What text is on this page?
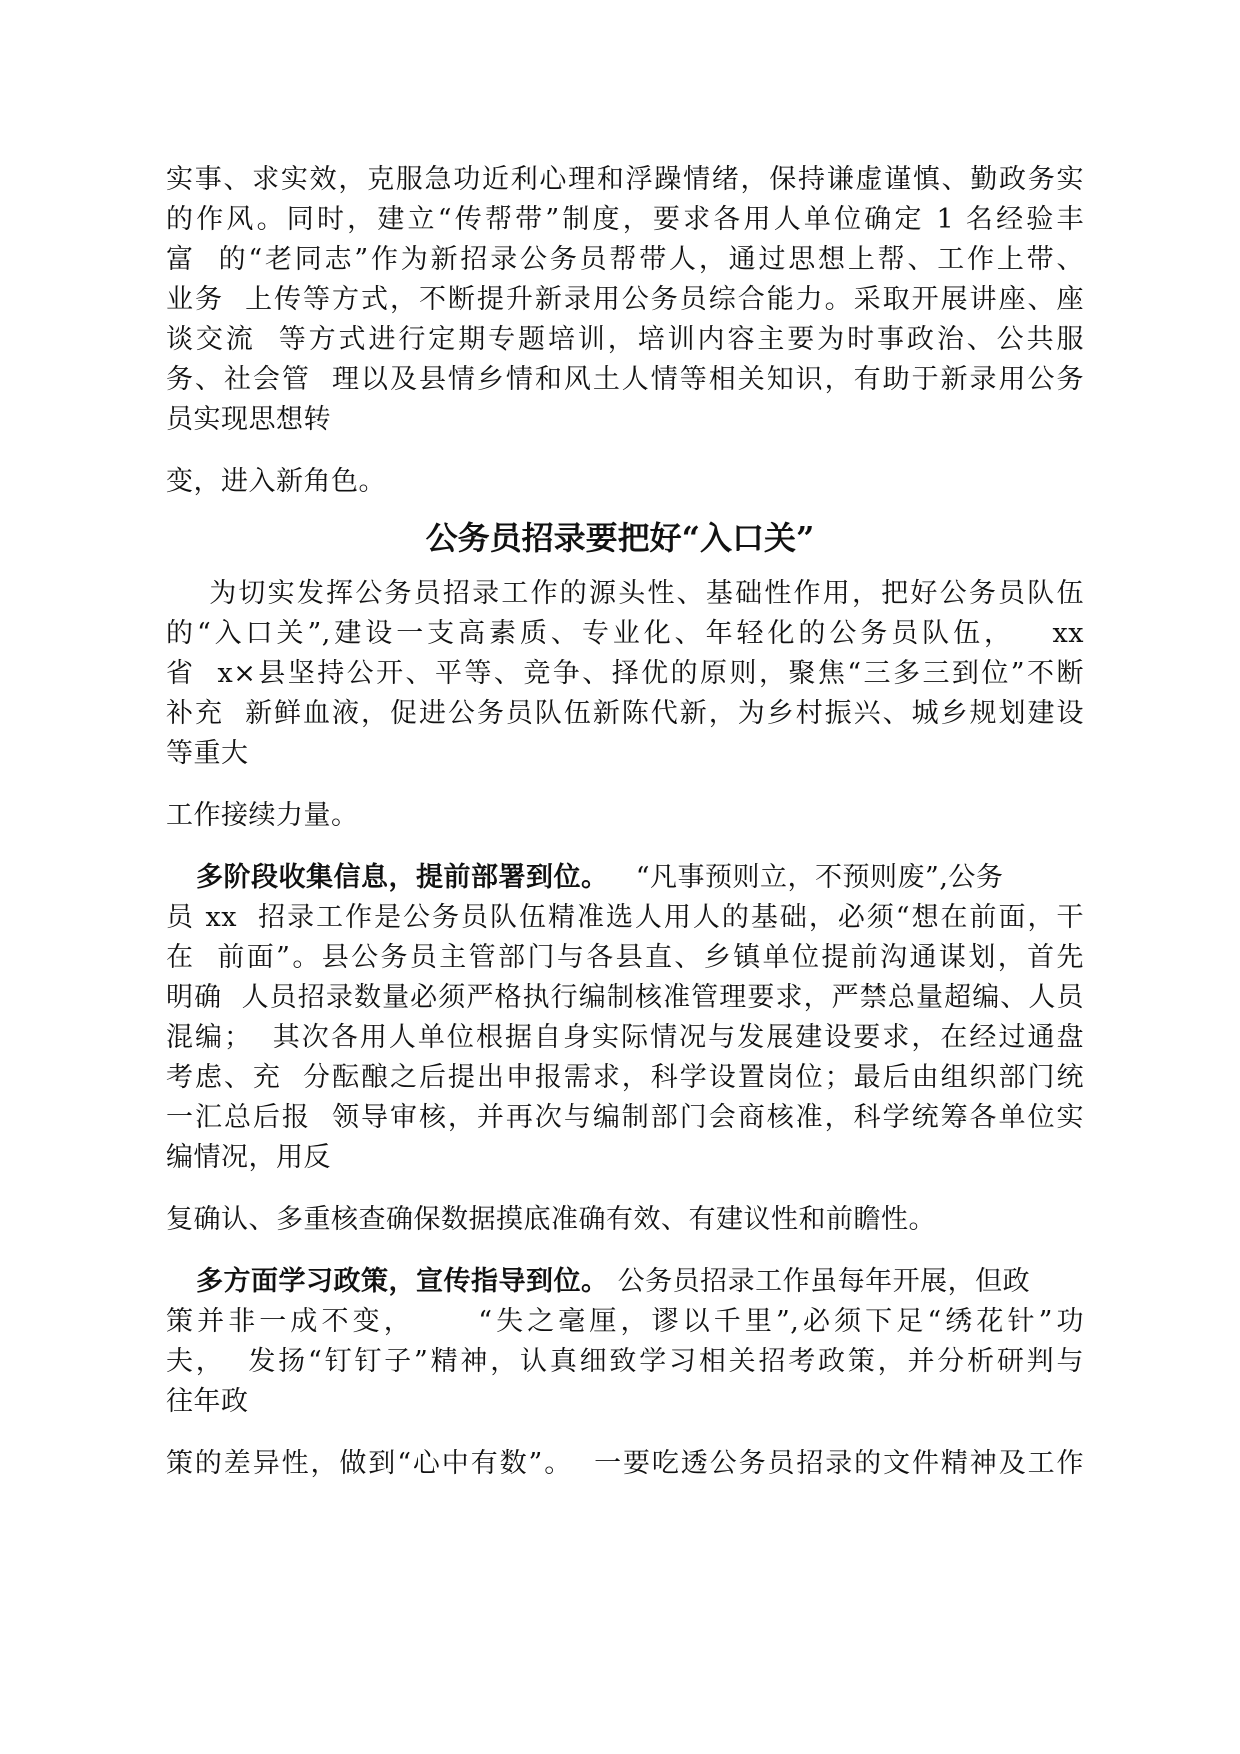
实事、求实效，克服急功近利心理和浮躁情绪，保持谦虚谨慎、勤政务实
的作风。同时，建立“传帮带”制度，要求各用人单位确定 1 名经验丰
富  的“老同志”作为新招录公务员帮带人，通过思想上帮、工作上带、
业务  上传等方式，不断提升新录用公务员综合能力。采取开展讲座、座
谈交流  等方式进行定期专题培训，培训内容主要为时事政治、公共服
务、社会管  理以及县情乡情和风土人情等相关知识，有助于新录用公务
员实现思想转
变，进入新角色。
公务员招录要把好“入口关”
为切实发挥公务员招录工作的源头性、基础性作用，把好公务员队伍
的“入口关”,建设一支高素质、专业化、年轻化的公务员队伍，   xx
省  x×县坚持公开、平等、竞争、择优的原则，聚焦“三多三到位”不断
补充  新鲜血液，促进公务员队伍新陈代新，为乡村振兴、城乡规划建设
等重大
工作接续力量。
多阶段收集信息，提前部署到位。   “凡事预则立，不预则废”,公务
员 xx  招录工作是公务员队伍精准选人用人的基础，必须“想在前面，干
在  前面”。县公务员主管部门与各县直、乡镇单位提前沟通谋划，首先
明确  人员招录数量必须严格执行编制核准管理要求，严禁总量超编、人员
混编；  其次各用人单位根据自身实际情况与发展建设要求，在经过通盘
考虑、充  分酝酿之后提出申报需求，科学设置岗位；最后由组织部门统
一汇总后报  领导审核，并再次与编制部门会商核准，科学统筹各单位实
编情况，用反
复确认、多重核查确保数据摸底准确有效、有建议性和前瞻性。
多方面学习政策，宣传指导到位。 公务员招录工作虽每年开展，但政
策并非一成不变，     “失之毫厘，谬以千里”,必须下足“绣花针”功
夫，  发扬“钉钉子”精神，认真细致学习相关招考政策，并分析研判与
往年政
策的差异性，做到“心中有数”。  一要吃透公务员招录的文件精神及工作
